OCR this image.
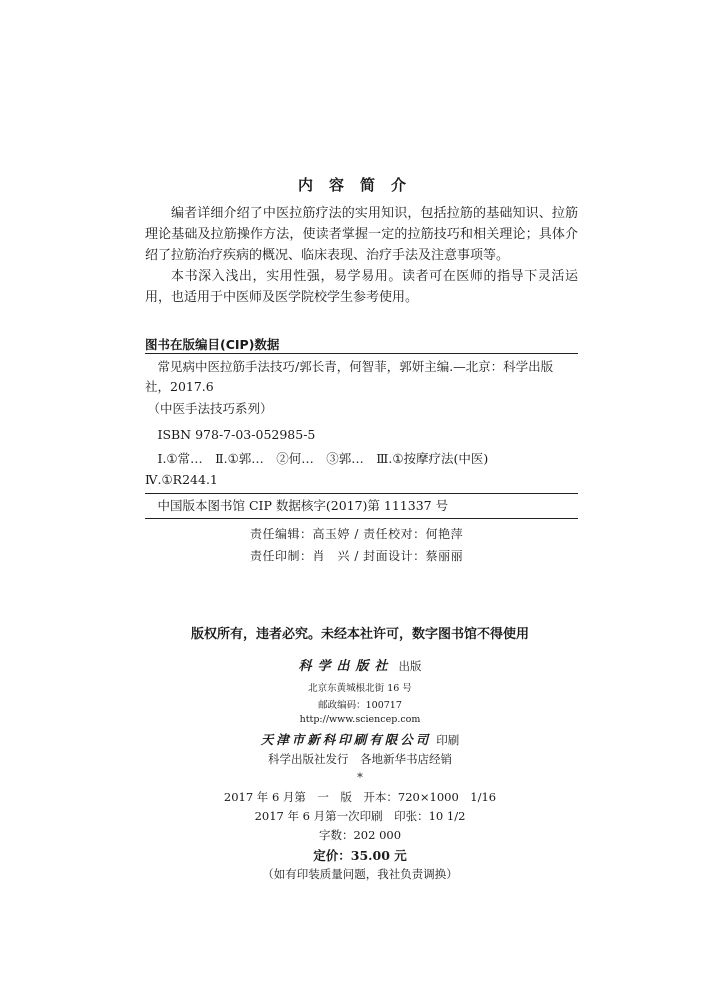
内容简介

编者详细介绍了中医拉筋疗法的实用知识，包括拉筋的基础知识、拉筋理论基础及拉筋操作方法，使读者掌握一定的拉筋技巧和相关理论；具体介绍了拉筋治疗疾病的概况、临床表现、治疗手法及注意事项等。

本书深入浅出，实用性强，易学易用。读者可在医师的指导下灵活运用，也适用于中医师及医学院校学生参考使用。

图书在版编目(CIP)数据
常见病中医拉筋手法技巧/郭长青，何智菲，郭妍主编.—北京：科学出版社，2017.6
（中医手法技巧系列）
ISBN 978-7-03-052985-5
Ⅰ.①常…　Ⅱ.①郭…　②何…　③郭…　Ⅲ.①按摩疗法(中医)
Ⅳ.①R244.1
中国版本图书馆 CIP 数据核字(2017)第 111337 号
责任编辑：高玉婷 / 责任校对：何艳萍
责任印制：肖　兴 / 封面设计：蔡丽丽
版权所有，违者必究。未经本社许可，数字图书馆不得使用
科学出版社 出版
北京东黄城根北街 16 号
邮政编码：100717
http://www.sciencep.com
天津市新科印刷有限公司 印刷
科学出版社发行　各地新华书店经销
*
2017 年 6 月第　一　版　开本：720×1000　1/16
2017 年 6 月第一次印刷　印张：10 1/2
字数：202 000
定价：35.00 元
（如有印装质量问题，我社负责调换）
